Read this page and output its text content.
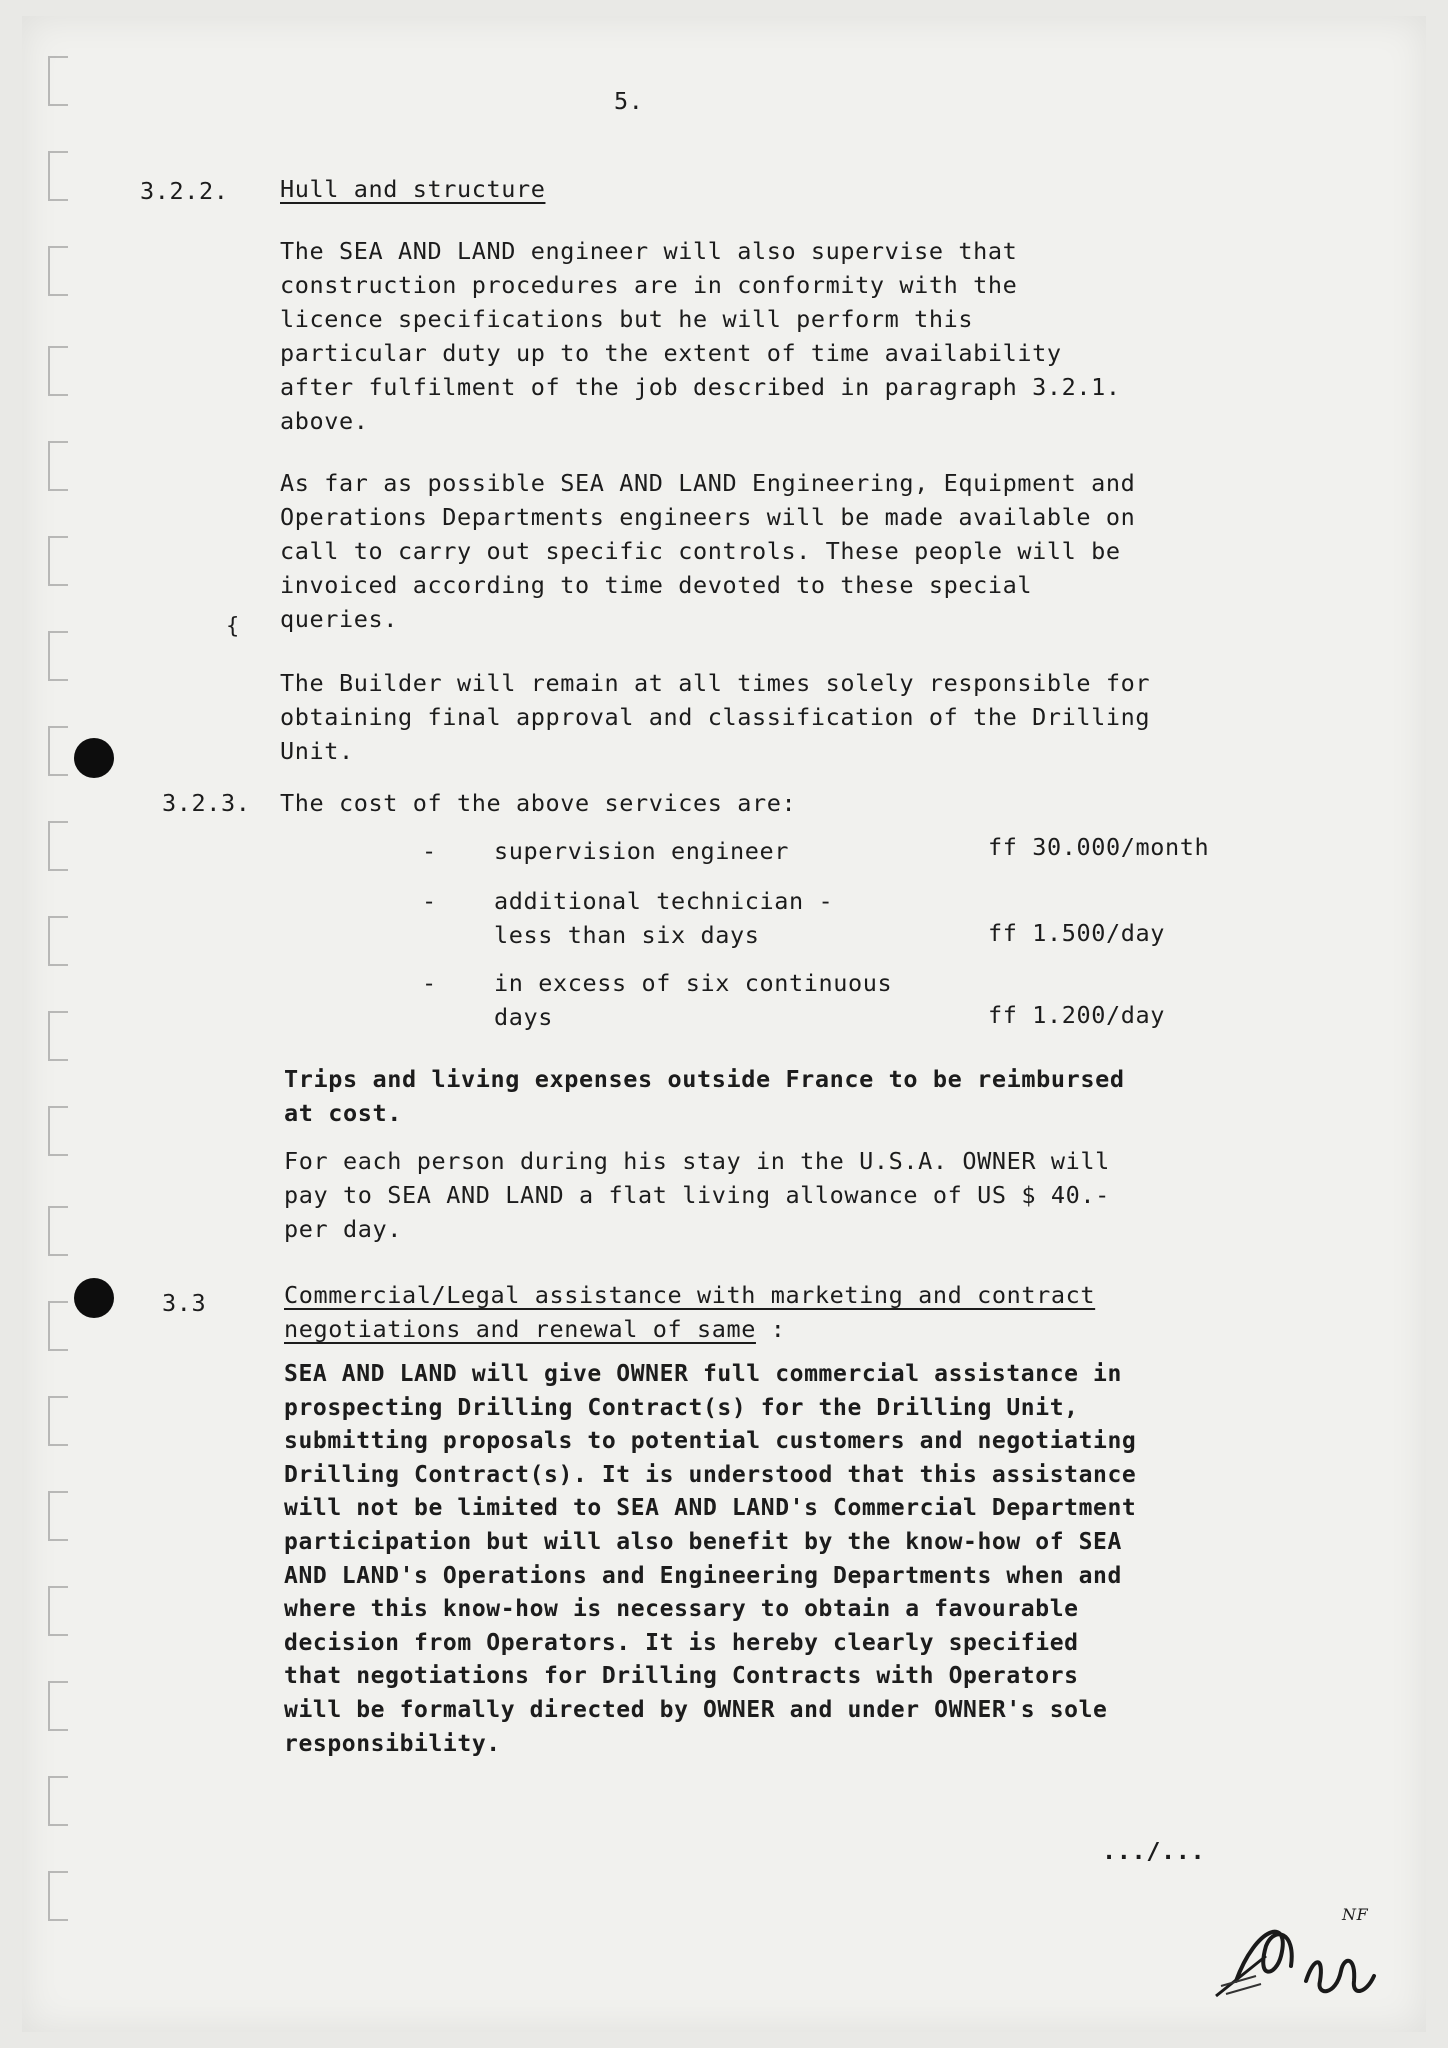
5.
3.2.2. Hull and structure
The SEA AND LAND engineer will also supervise that
construction procedures are in conformity with the
licence specifications but he will perform this
particular duty up to the extent of time availability
after fulfilment of the job described in paragraph 3.2.1.
above.
As far as possible SEA AND LAND Engineering, Equipment and
Operations Departments engineers will be made available on
call to carry out specific controls. These people will be
invoiced according to time devoted to these special
queries.
{
The Builder will remain at all times solely responsible for
obtaining final approval and classification of the Drilling
Unit.
3.2.3. The cost of the above services are:
- supervision engineer	ff 30.000/month
- additional technician -
less than six days	ff 1.500/day
- in excess of six continuous
days	ff 1.200/day
Trips and living expenses outside France to be reimbursed
at cost.
For each person during his stay in the U.S.A. OWNER will
pay to SEA AND LAND a flat living allowance of US $ 40.-
per day.
3.3	Commercial/Legal assistance with marketing and contract
negotiations and renewal of same :
SEA AND LAND will give OWNER full commercial assistance in
prospecting Drilling Contract(s) for the Drilling Unit,
submitting proposals to potential customers and negotiating
Drilling Contract(s). It is understood that this assistance
will not be limited to SEA AND LAND's Commercial Department
participation but will also benefit by the know-how of SEA
AND LAND's Operations and Engineering Departments when and
where this know-how is necessary to obtain a favourable
decision from Operators. It is hereby clearly specified
that negotiations for Drilling Contracts with Operators
will be formally directed by OWNER and under OWNER's sole
responsibility.
.../...
NF
